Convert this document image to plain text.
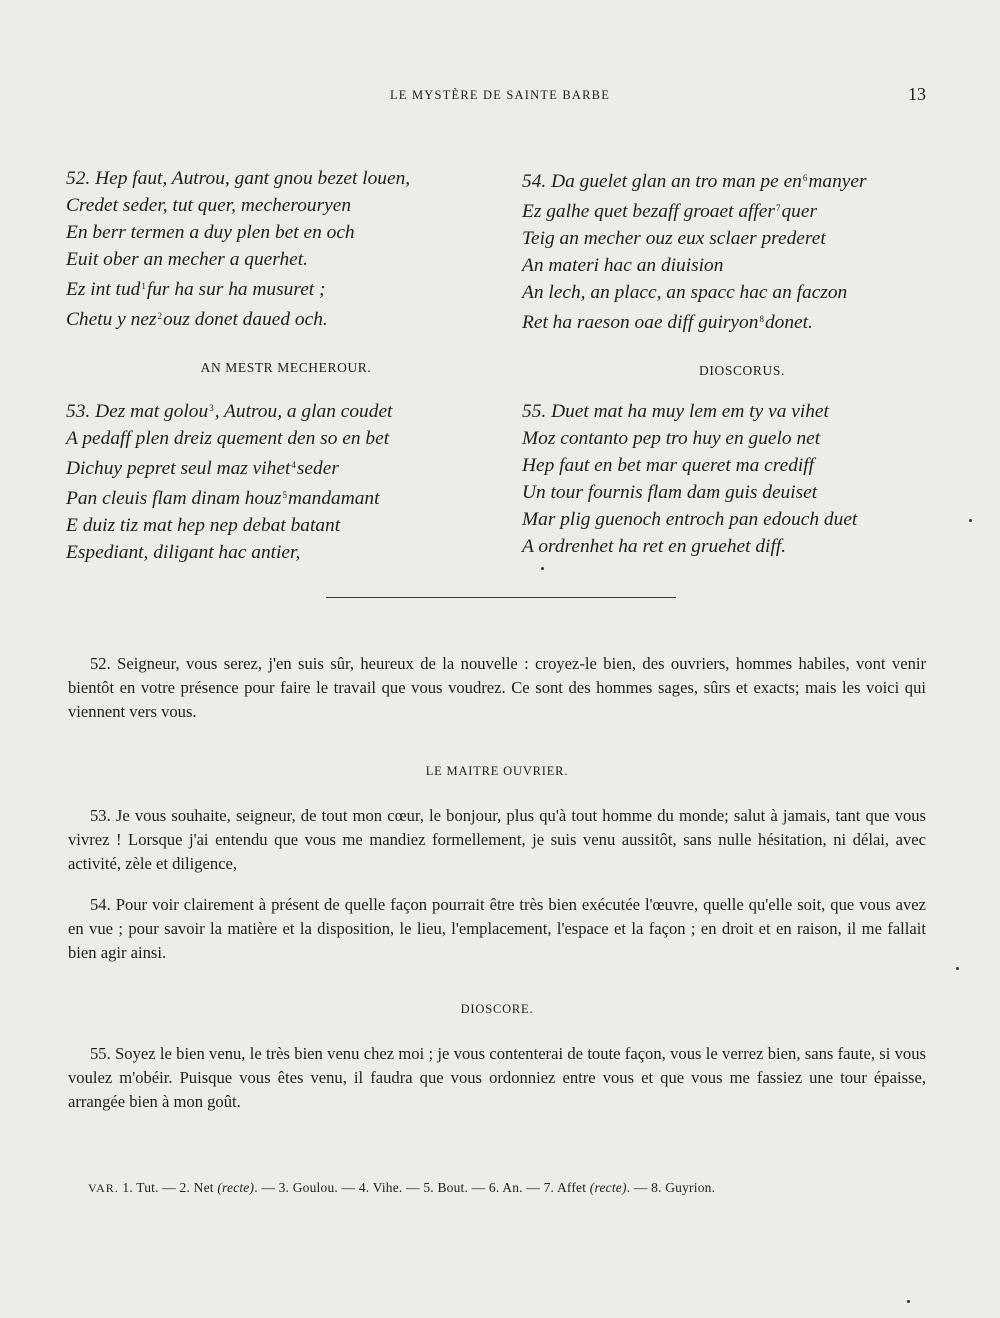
LE MYSTÈRE DE SAINTE BARBE	13
52. Hep faut, Autrou, gant gnou bezet louen,
Credet seder, tut quer, mecherouryen
En berr termen a duy plen bet en och
Euit ober an mecher a querhet.
Ez int tud$^1$fur ha sur ha musuret ;
Chetu y nez$^2$ouz donet daued och.
AN MESTR MECHEROUR.
53. Dez mat golou$^3$, Autrou, a glan coudet
A pedaff plen dreiz quement den so en bet
Dichuy pepret seul maz vihet$^4$seder
Pan cleuis flam dinam houz$^5$mandamant
E duiz tiz mat hep nep debat batant
Espediant, diligant hac antier,
54. Da guelet glan an tro man pe $en^6manyer$
Ez galhe quet bezaff groaet affer$^7$quer
Teig an mecher ouz eux sclaer prederet
An materi hac an diuision
An lech, an placc, an spacc hac an faczon
Ret ha raeson oae diff guiryon$^8$donet.
DIOSCORUS.
55. Duet mat ha muy lem em ty va vihet
Moz contanto pep tro huy en guelo net
Hep faut en bet mar queret ma crediff
Un tour fournis flam dam guis deuiset
Mar plig guenoch entroch pan edouch duet
A ordrenhet ha ret en gruehet diff.

52. Seigneur, vous serez, j'en suis sûr, heureux de la nouvelle : croyez-le bien, des ouvriers, hommes habiles, vont venir bientôt en votre présence pour faire le travail que vous voudrez. Ce sont des hommes sages, sûrs et exacts; mais les voici qui viennent vers vous.

LE MAITRE OUVRIER.

53. Je vous souhaite, seigneur, de tout mon cœur, le bonjour, plus qu'à tout homme du monde; salut à jamais, tant que vous vivrez ! Lorsque j'ai entendu que vous me mandiez formellement, je suis venu aussitôt, sans nulle hésitation, ni délai, avec activité, zèle et diligence,

54. Pour voir clairement à présent de quelle façon pourrait être très bien exécutée l'œuvre, quelle qu'elle soit, que vous avez en vue ; pour savoir la matière et la disposition, le lieu, l'emplacement, l'espace et la façon ; en droit et en raison, il me fallait bien agir ainsi.

DIOSCORE.

55. Soyez le bien venu, le très bien venu chez moi ; je vous contenterai de toute façon, vous le verrez bien, sans faute, si vous voulez m'obéir. Puisque vous êtes venu, il faudra que vous ordonniez entre vous et que vous me fassiez une tour épaisse, arrangée bien à mon goût.

VAR. 1. Tut. — 2. Net (recte). — 3. Goulou. — 4. Vihe. — 5. Bout. — 6. An. — 7. Affet (recte). — 8. Guyrion.
